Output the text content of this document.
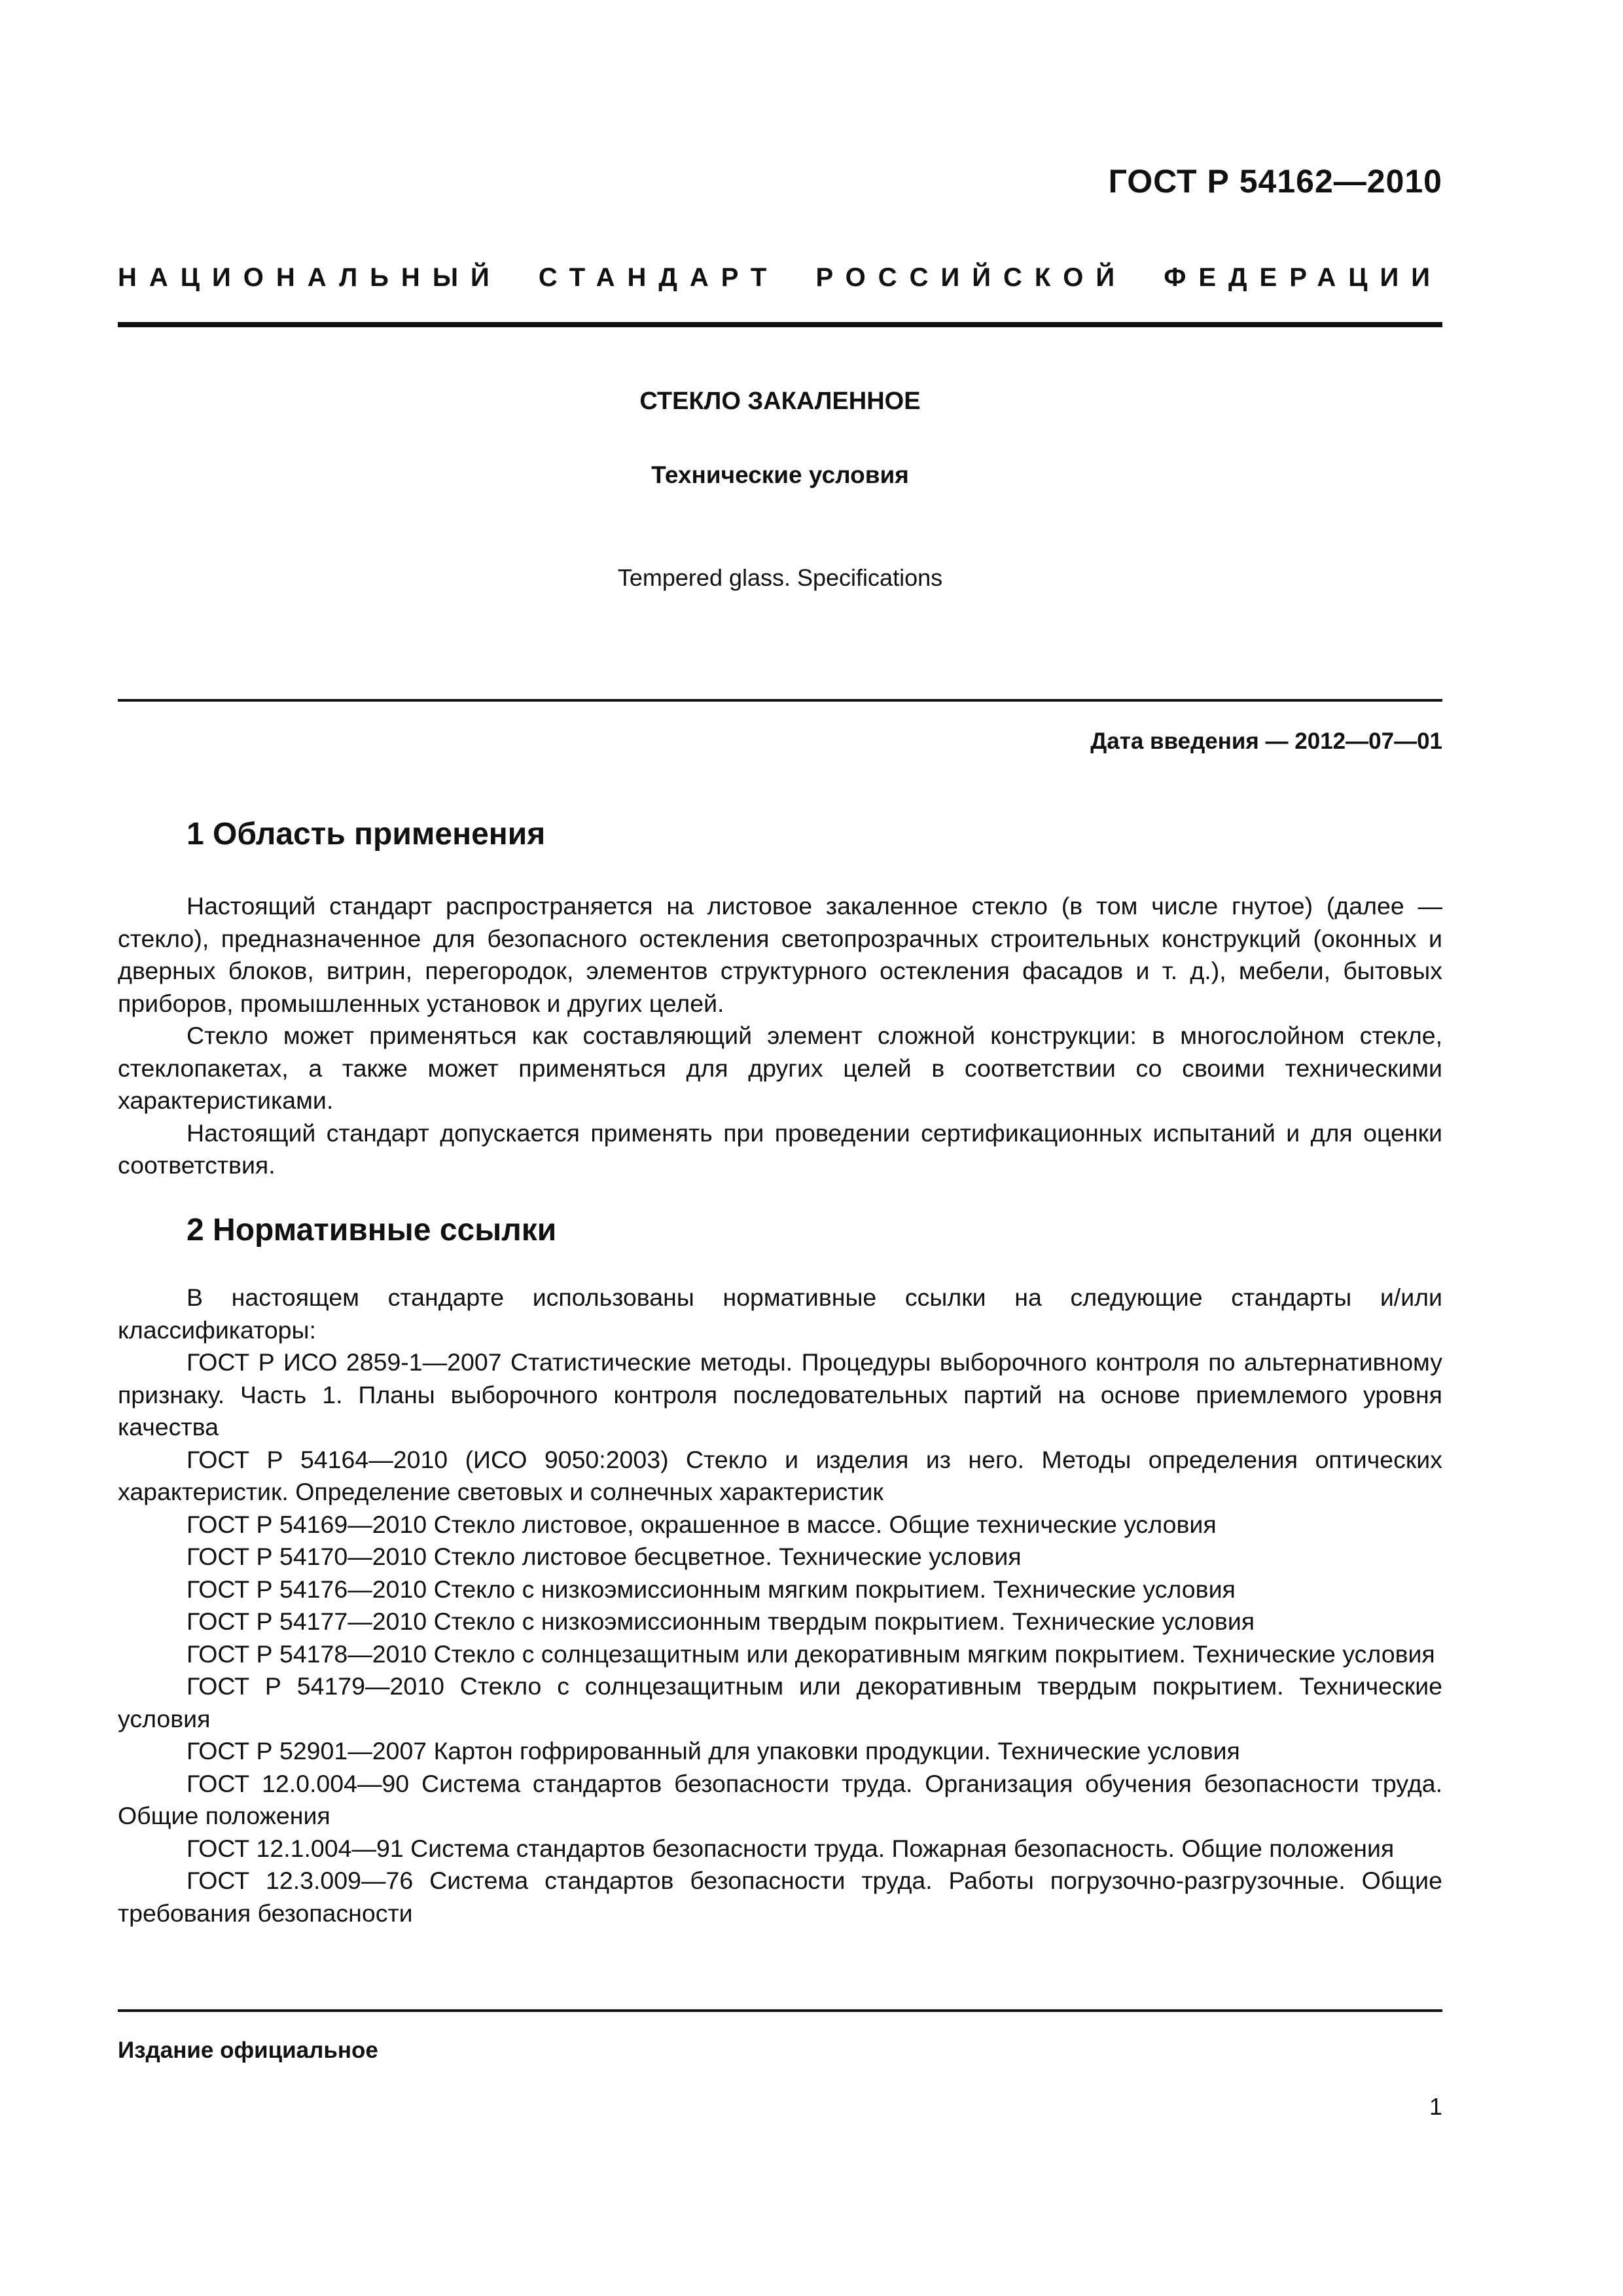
ГОСТ Р 54162—2010
НАЦИОНАЛЬНЫЙ СТАНДАРТ РОССИЙСКОЙ ФЕДЕРАЦИИ
СТЕКЛО ЗАКАЛЕННОЕ
Технические условия
Tempered glass. Specifications
Дата введения — 2012—07—01
1 Область применения

Настоящий стандарт распространяется на листовое закаленное стекло (в том числе гнутое) (далее — стекло), предназначенное для безопасного остекления светопрозрачных строительных конструкций (оконных и дверных блоков, витрин, перегородок, элементов структурного остекления фасадов и т. д.), мебели, бытовых приборов, промышленных установок и других целей.

Стекло может применяться как составляющий элемент сложной конструкции: в многослойном стекле, стеклопакетах, а также может применяться для других целей в соответствии со своими техническими характеристиками.

Настоящий стандарт допускается применять при проведении сертификационных испытаний и для оценки соответствия.

2 Нормативные ссылки

В настоящем стандарте использованы нормативные ссылки на следующие стандарты и/или классификаторы:

ГОСТ Р ИСО 2859-1—2007 Статистические методы. Процедуры выборочного контроля по альтернативному признаку. Часть 1. Планы выборочного контроля последовательных партий на основе приемлемого уровня качества

ГОСТ Р 54164—2010 (ИСО 9050:2003) Стекло и изделия из него. Методы определения оптических характеристик. Определение световых и солнечных характеристик

ГОСТ Р 54169—2010 Стекло листовое, окрашенное в массе. Общие технические условия

ГОСТ Р 54170—2010 Стекло листовое бесцветное. Технические условия

ГОСТ Р 54176—2010 Стекло с низкоэмиссионным мягким покрытием. Технические условия

ГОСТ Р 54177—2010 Стекло с низкоэмиссионным твердым покрытием. Технические условия

ГОСТ Р 54178—2010 Стекло с солнцезащитным или декоративным мягким покрытием. Технические условия

ГОСТ Р 54179—2010 Стекло с солнцезащитным или декоративным твердым покрытием. Технические условия

ГОСТ Р 52901—2007 Картон гофрированный для упаковки продукции. Технические условия

ГОСТ 12.0.004—90 Система стандартов безопасности труда. Организация обучения безопасности труда. Общие положения

ГОСТ 12.1.004—91 Система стандартов безопасности труда. Пожарная безопасность. Общие положения

ГОСТ 12.3.009—76 Система стандартов безопасности труда. Работы погрузочно-разгрузочные. Общие требования безопасности

Издание официальное
1
